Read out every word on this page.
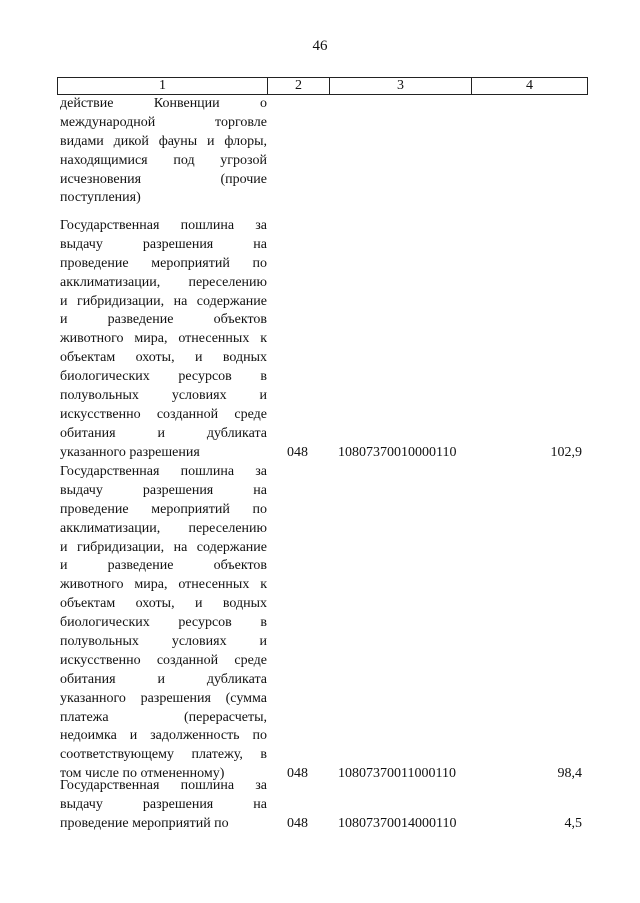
46
1	2	3	4
действие Конвенции о
международной торговле
видами дикой фауны и флоры,
находящимися под угрозой
исчезновения (прочие
поступления)
Государственная пошлина за
выдачу разрешения на
проведение мероприятий по
акклиматизации, переселению
и гибридизации, на содержание
и разведение объектов
животного мира, отнесенных к
объектам охоты, и водных
биологических ресурсов в
полувольных условиях и
искусственно созданной среде
обитания и дубликата
указанного разрешения	048	10807370010000110	102,9
Государственная пошлина за
выдачу разрешения на
проведение мероприятий по
акклиматизации, переселению
и гибридизации, на содержание
и разведение объектов
животного мира, отнесенных к
объектам охоты, и водных
биологических ресурсов в
полувольных условиях и
искусственно созданной среде
обитания и дубликата
указанного разрешения (сумма
платежа (перерасчеты,
недоимка и задолженность по
соответствующему платежу, в
том числе по отмененному)	048	10807370011000110	98,4
Государственная пошлина за
выдачу разрешения на
проведение мероприятий по	048	10807370014000110	4,5
